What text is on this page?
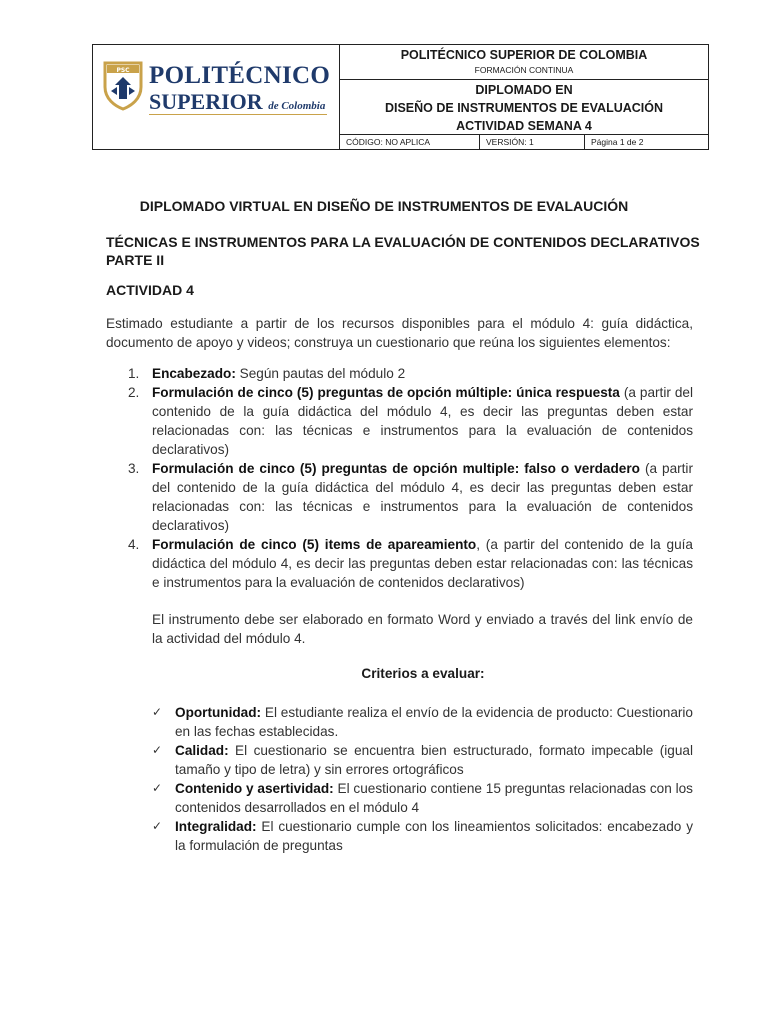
PSC POLITÉCNICO
SUPERIOR de Colombia
POLITÉCNICO SUPERIOR DE COLOMBIA
FORMACIÓN CONTINUA
DIPLOMADO EN
DISEÑO DE INSTRUMENTOS DE EVALUACIÓN
ACTIVIDAD SEMANA 4
CÓDIGO: NO APLICA	VERSIÓN: 1	Página 1 de 2
DIPLOMADO VIRTUAL EN DISEÑO DE INSTRUMENTOS DE EVALAUCIÓN
TÉCNICAS E INSTRUMENTOS PARA LA EVALUACIÓN DE CONTENIDOS DECLARATIVOS PARTE II
ACTIVIDAD 4
Estimado estudiante a partir de los recursos disponibles para el módulo 4: guía didáctica, documento de apoyo y videos; construya un cuestionario que reúna los siguientes elementos:
1. Encabezado: Según pautas del módulo 2
2. Formulación de cinco (5) preguntas de opción múltiple: única respuesta (a partir del contenido de la guía didáctica del módulo 4, es decir las preguntas deben estar relacionadas con: las técnicas e instrumentos para la evaluación de contenidos declarativos)
3. Formulación de cinco (5) preguntas de opción multiple: falso o verdadero (a partir del contenido de la guía didáctica del módulo 4, es decir las preguntas deben estar relacionadas con: las técnicas e instrumentos para la evaluación de contenidos declarativos)
4. Formulación de cinco (5) items de apareamiento, (a partir del contenido de la guía didáctica del módulo 4, es decir las preguntas deben estar relacionadas con: las técnicas e instrumentos para la evaluación de contenidos declarativos)
El instrumento debe ser elaborado en formato Word y enviado a través del link envío de la actividad del módulo 4.
Criterios a evaluar:
✓ Oportunidad: El estudiante realiza el envío de la evidencia de producto: Cuestionario en las fechas establecidas.
✓ Calidad: El cuestionario se encuentra bien estructurado, formato impecable (igual tamaño y tipo de letra) y sin errores ortográficos
✓ Contenido y asertividad: El cuestionario contiene 15 preguntas relacionadas con los contenidos desarrollados en el módulo 4
✓ Integralidad: El cuestionario cumple con los lineamientos solicitados: encabezado y la formulación de preguntas
